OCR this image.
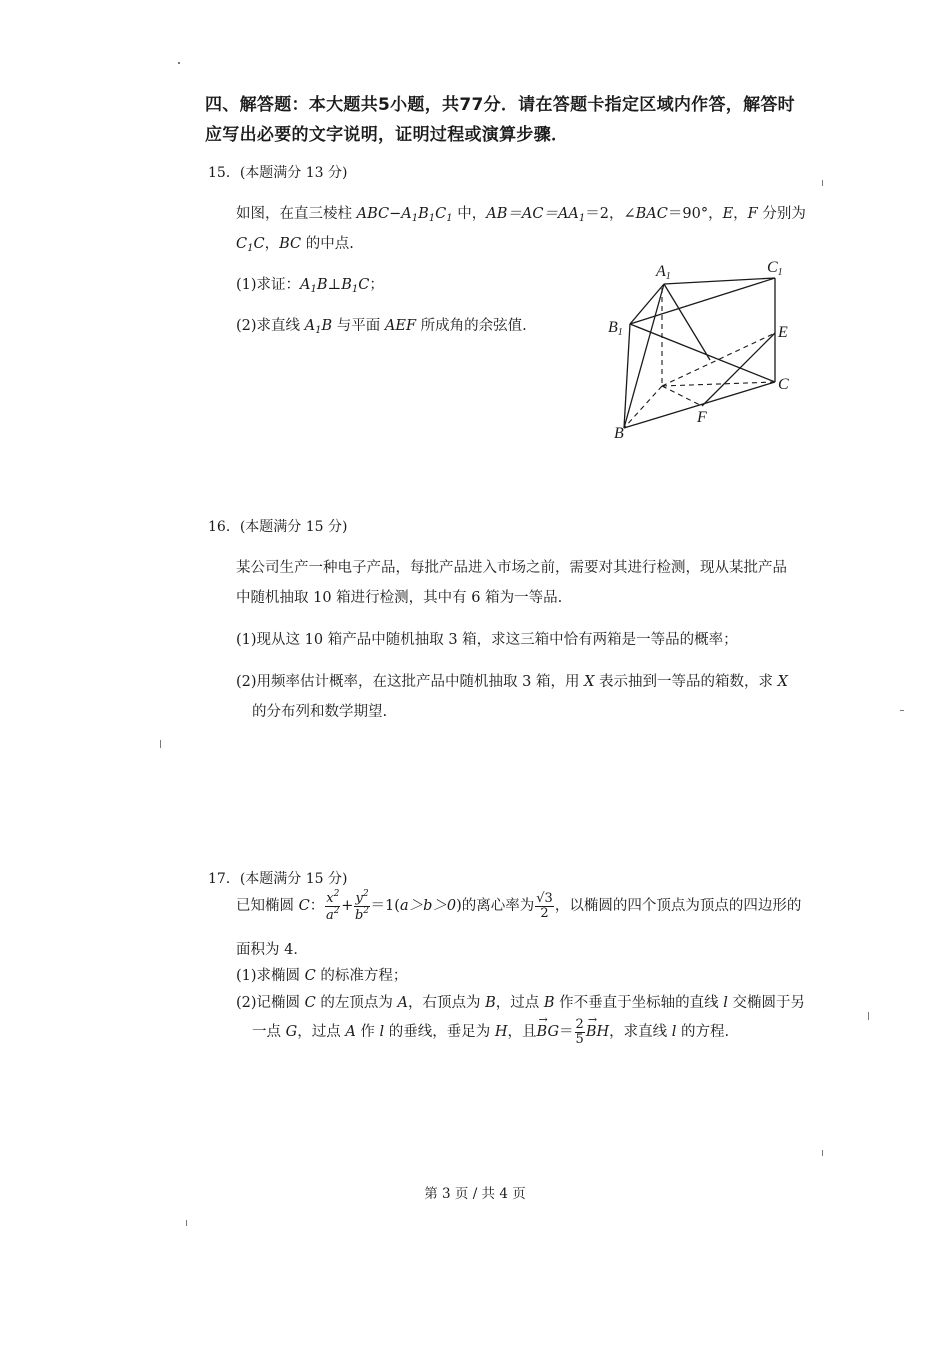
四、解答题：本大题共5小题，共77分．请在答题卡指定区域内作答，解答时
应写出必要的文字说明，证明过程或演算步骤．
15．(本题满分 13 分)
如图，在直三棱柱 $ABC-A_1B_1C_1$ 中，$AB=AC=AA_1=2$，∠BAC＝90°，E，F 分别为
$C_1C$，BC 的中点.
(1)求证：$A_1B\perp B_1C$；
(2)求直线 $A_1B$ 与平面 AEF 所成角的余弦值.
A1
C1
B1	E
C
F
B
16．(本题满分 15 分)
某公司生产一种电子产品，每批产品进入市场之前，需要对其进行检测，现从某批产品
中随机抽取 10 箱进行检测，其中有 6 箱为一等品.
(1)现从这 10 箱产品中随机抽取 3 箱，求这三箱中恰有两箱是一等品的概率；
(2)用频率估计概率，在这批产品中随机抽取 3 箱，用 X 表示抽到一等品的箱数，求 X
的分布列和数学期望.
17．(本题满分 15 分)
已知椭圆 C： $\frac{x^2}{a^2} + \frac{y^2}{b^2} =1(a>b>0)$的离心率为 $\frac{√3}{2}$ ，以椭圆的四个顶点为顶点的四边形的
面积为 4．
(1)求椭圆 C 的标准方程；
(2)记椭圆 C 的左顶点为 A，右顶点为 B，过点 B 作不垂直于坐标轴的直线 l 交椭圆于另
一点 G，过点 A 作 l 的垂线，垂足为 H，且→ $BG= \frac{2}{5}$
→ BH，求直线 l 的方程.
第 3 页 / 共 4 页
